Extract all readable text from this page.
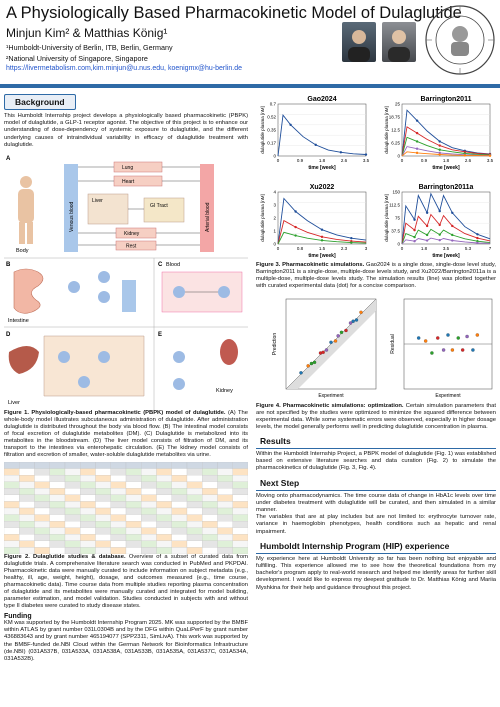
A Physiologically Based Pharmacokinetic Model of Dulaglutide
Minjun Kim² & Matthias König¹
¹Humboldt-University of Berlin, ITB, Berlin, Germany
²National University of Singapore, Singapore
https://livermetabolism.com,kim.minjun@u.nus.edu, koenigmx@hu-berlin.de
Background

This Humboldt Internship project develops a physiologically based pharmacokinetic (PBPK) model of dulaglutide, a GLP-1 receptor agonist. The objective of this project is to enhance our understanding of dose-dependency of systemic exposure to dulaglutide, and the different underlying causes of intraindividual variability in efficacy of dulaglutide treatment with dulaglutide.

A
Body
Venous blood	Arterial blood
Lung
Heart
Liver
GI Tract
Kidney
Rest
B
Intestine
C Blood
D
Liver
E
Kidney

Figure 1. Physiologically-based pharmacokinetic (PBPK) model of dulaglutide. (A) The whole-body model illustrates subcutaneous administration of dulaglutide. After administration dulaglutide is distributed throughout the body via blood flow. (B) The intestinal model consists of focal excretion of dulaglutide metabolites (DM). (C) Dulaglutide is metabolized into its metabolites in the bloodstream. (D) The liver model consists of filtration of DM, and its transport to the intestines via enterohepatic circulation. (E) The kidney model consists of filtration and excretion of smaller, water-soluble dulaglutide metabolites via urine.

Figure 2. Dulaglutide studies & database. Overview of a subset of curated data from dulaglutide trials. A comprehensive literature search was conducted in PubMed and PKPDAI. Pharmacokinetic data were manually curated to include information on subject metadata (e.g., healthy, ill, age, weight, height), dosage, and outcomes measured (e.g., time course, pharmacokinetic data). Time course data from multiple studies reporting plasma concentration of dulaglutide and its metabolites were manually curated and integrated for model building, parameter estimation, and model validation. Studies conducted in subjects with and without type II diabetes were curated to study disease states.

Funding

KM was supported by the Humboldt Internship Program 2025. MK was supported by the BMBF within ATLAS by grant number 031L0304B and by the DFG within QuaLiPerF by grant number 436883643 and by grant number 465194077 (SPP2311, SimLivA). This work was supported by the BMBF-funded de.NBI Cloud within the German Network for Bioinformatics Infrastructure (de.NBI) (031A537B, 031A533A, 031A538A, 031A533B, 031A535A, 031A537C, 031A534A, 031A532B).

Gao2024
0
0
0.9
0.17
1.8
0.35
2.6
0.52
3.5
0.7
time [week]
dulaglutide plasma [nM]
Barrington2011
0
0
0.9
6.25
1.8
12.5
2.6
18.75
3.5
25
time [week]
dulaglutide plasma [nM]
Xu2022
0
0
0.8
1
1.5
2
2.3
3
3
4
time [week]
dulaglutide plasma [nM]
Barrington2011a
0
0
1.8
37.5
3.5
75
5.3
112.5
7
150
time [week]
dulaglutide plasma [nM]

Figure 3. Pharmacokinetic simulations. Gao2024 is a single dose, single-dose level study, Barrington2011 is a single-dose, multiple-dose levels study, and Xu2022/Barrington2011a is a multiple-dose, multiple-dose levels study. The simulation results (line) was plotted together with curated experimental data (dot) for a concise comparison.

Experiment
Prediction
Experiment
Residual

Figure 4. Pharmacokinetic simulations: optimization. Certain simulation parameters that are not specified by the studies were optimized to minimize the squared difference between experimental data. While some systematic errors were observed, especially in higher dosage levels, the model generally performs well in predicting dulaglutide concentration in plasma.

Results

Within the Humboldt Internship Project, a PBPK model of dulaglutide (Fig. 1) was established based on extensive literature searches and data curation (Fig. 2) to simulate the pharmacokinetics of dulaglutide (Fig. 3, Fig. 4).

Next Step

Moving onto pharmacodynamics. The time course data of change in HbA1c levels over time under diabetes treatment with dulaglutide will be curated, and then simulated in a similar manner.

The variables that are at play includes but are not limited to: erythrocyte turnover rate, variance in haemoglobin phenotypes, health conditions such as hepatic and renal impairment.

Humboldt Internship Program (HIP) experience

My experience here at Humboldt University so far has been nothing but enjoyable and fulfilling. This experience allowed me to see how the theoretical foundations from my bachelor's program apply to real-world research and helped me identify areas for further skill development. I would like to express my deepest gratitude to Dr. Matthias König and Mariia Myshkina for their help and guidance throughout this project.
